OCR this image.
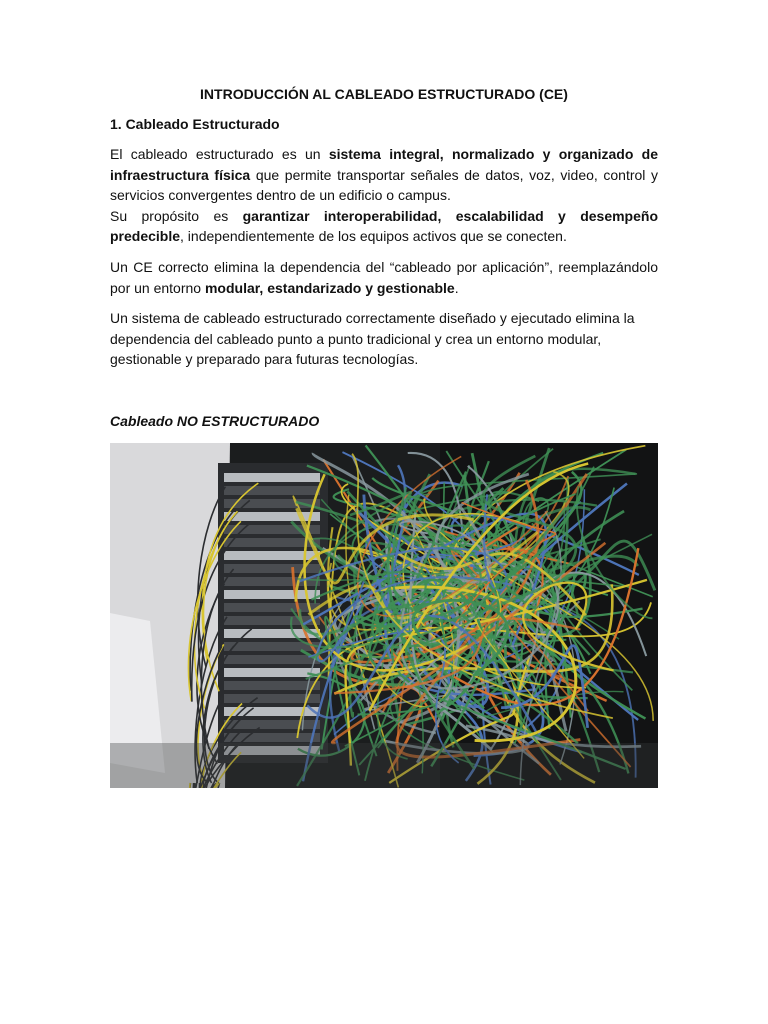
INTRODUCCIÓN AL CABLEADO ESTRUCTURADO (CE)
1. Cableado Estructurado

El cableado estructurado es un sistema integral, normalizado y organizado de infraestructura física que permite transportar señales de datos, voz, video, control y servicios convergentes dentro de un edificio o campus.
Su propósito es garantizar interoperabilidad, escalabilidad y desempeño predecible, independientemente de los equipos activos que se conecten.

Un CE correcto elimina la dependencia del “cableado por aplicación”, reemplazándolo por un entorno modular, estandarizado y gestionable.

Un sistema de cableado estructurado correctamente diseñado y ejecutado elimina la dependencia del cableado punto a punto tradicional y crea un entorno modular, gestionable y preparado para futuras tecnologías.

Cableado NO ESTRUCTURADO
